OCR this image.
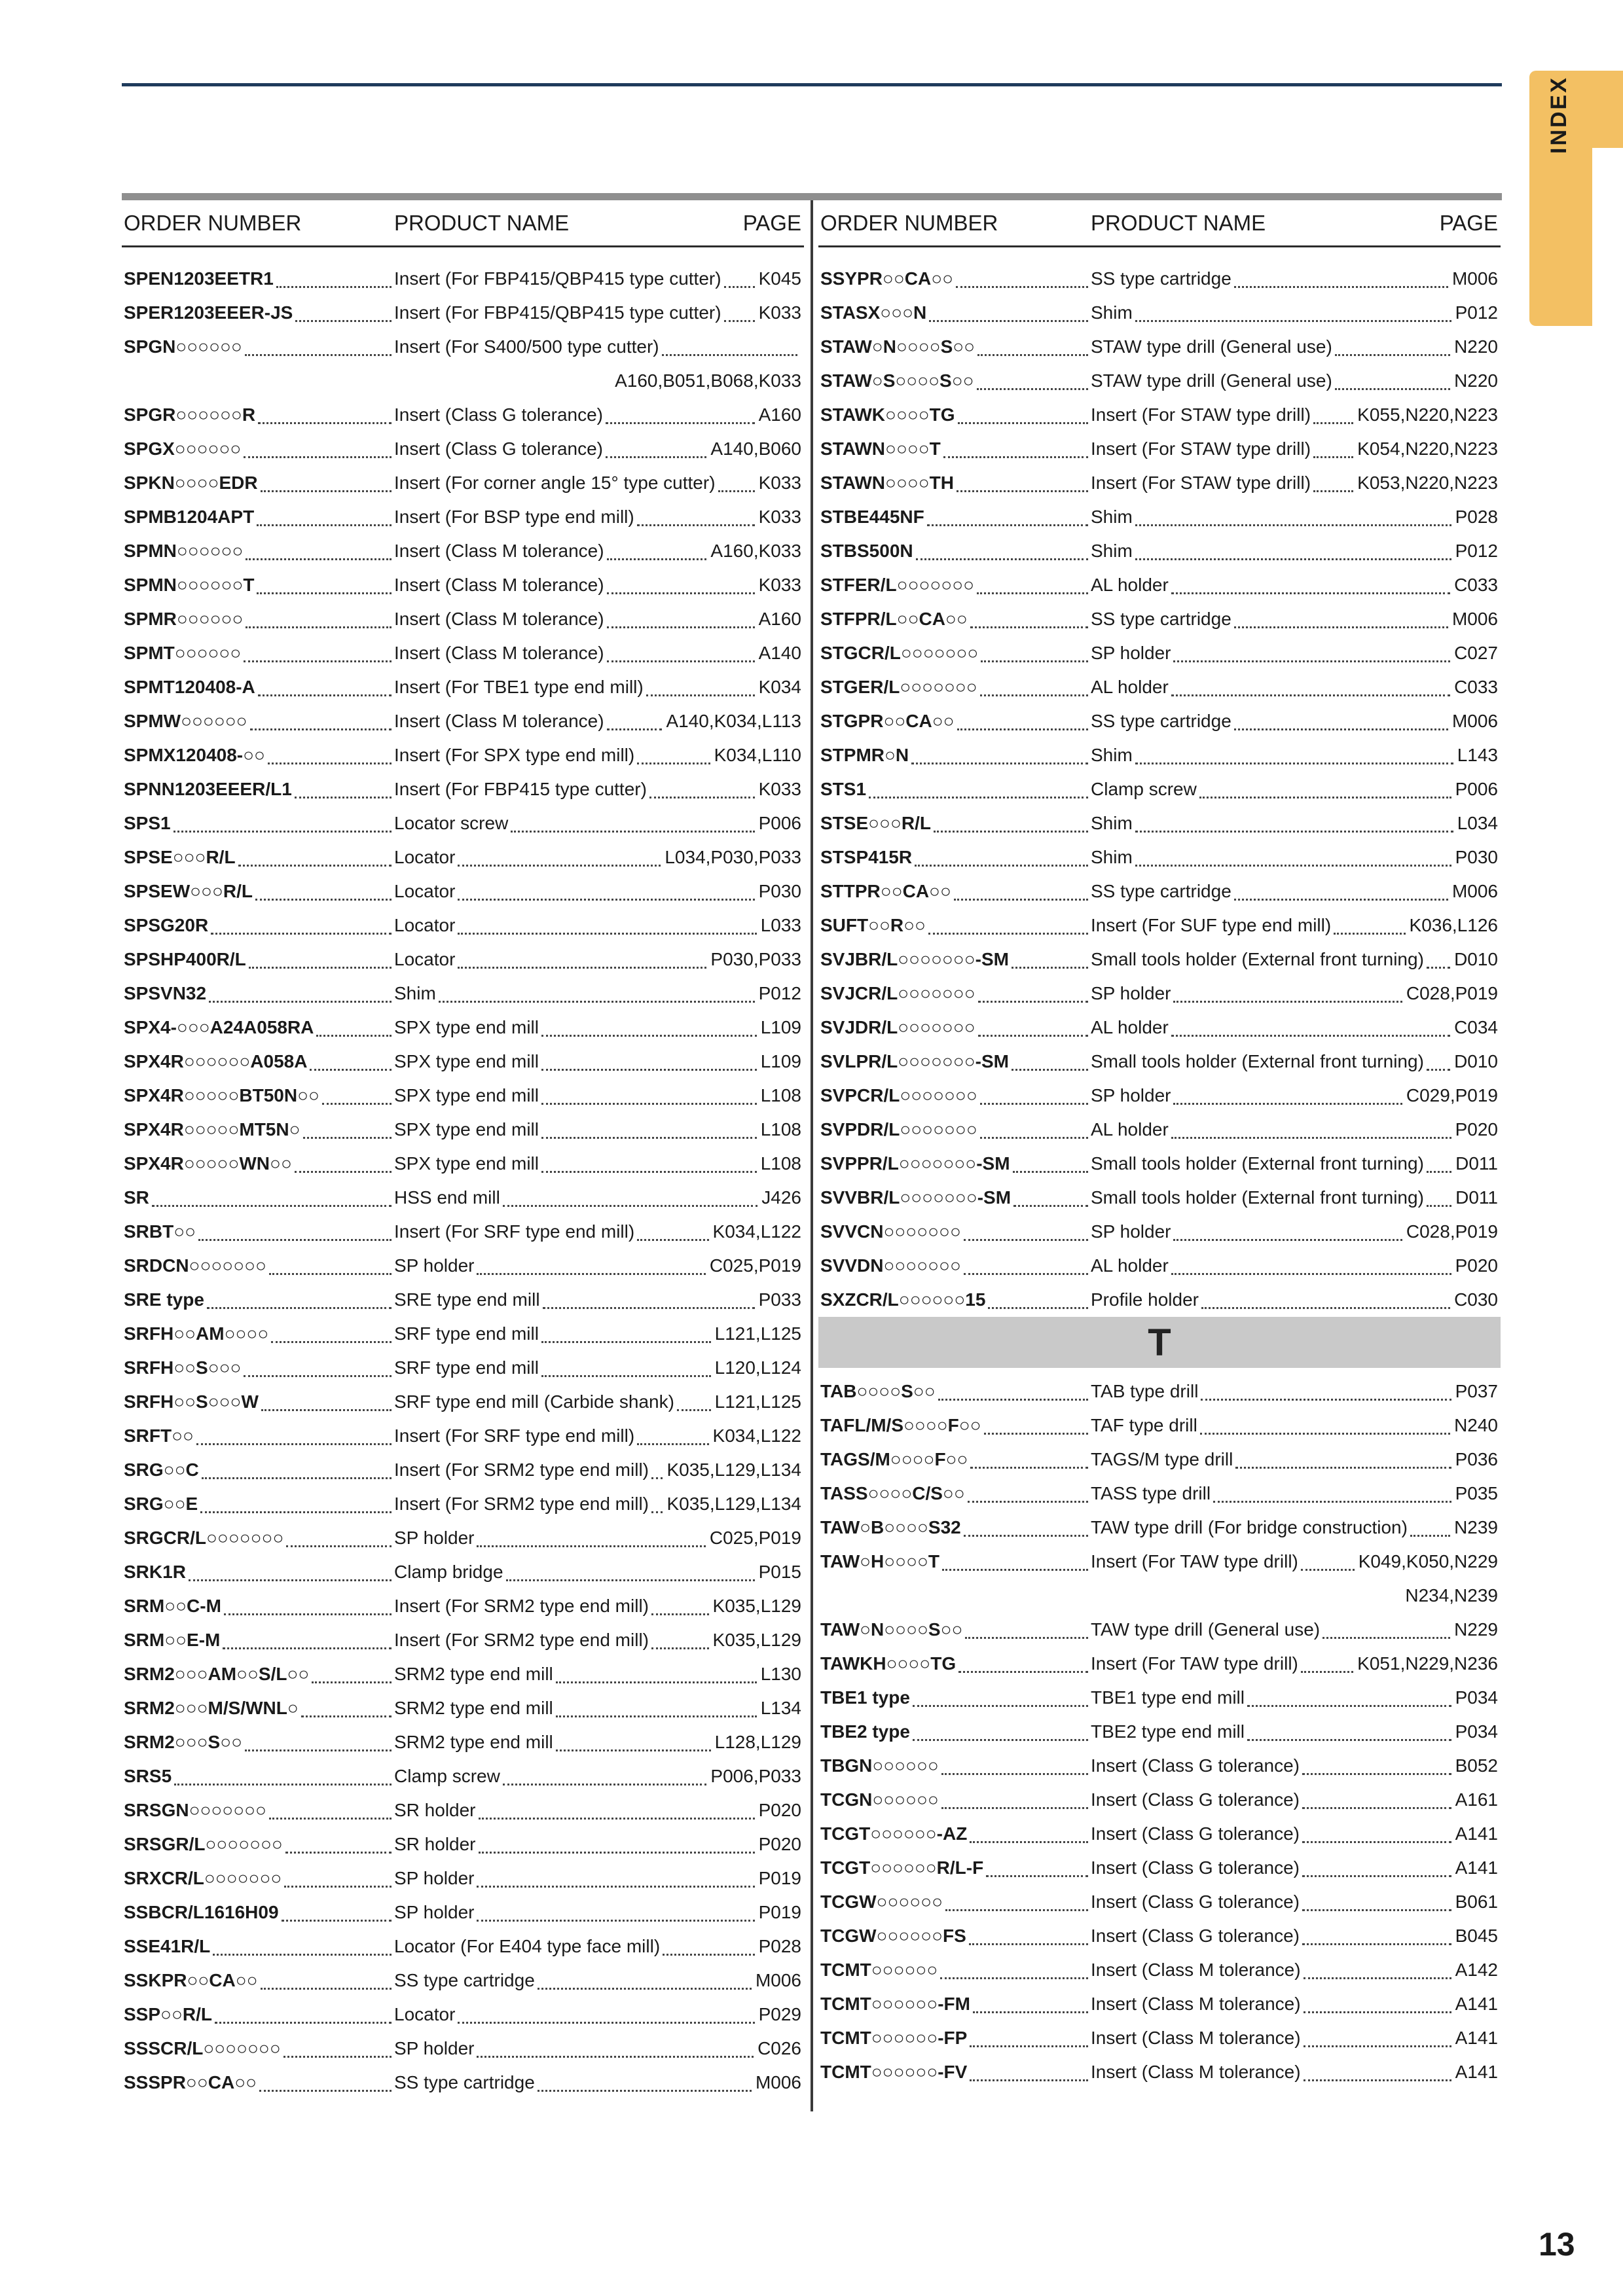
INDEX
ORDER NUMBER	PRODUCT NAME	PAGE
SPEN1203EETR1	Insert (For FBP415/QBP415 type cutter) K045
SPER1203EEER-JS	Insert (For FBP415/QBP415 type cutter) K033
SPGN○○○○○○	Insert (For S400/500 type cutter)
A160,B051,B068,K033
SPGR○○○○○○R	Insert (Class G tolerance)	A160
SPGX○○○○○○	Insert (Class G tolerance)	A140,B060
SPKN○○○○EDR	Insert (For corner angle 15° type cutter) K033
SPMB1204APT	Insert (For BSP type end mill)	K033
SPMN○○○○○○	Insert (Class M tolerance)	A160,K033
SPMN○○○○○○T	Insert (Class M tolerance)	K033
SPMR○○○○○○	Insert (Class M tolerance)	A160
SPMT○○○○○○	Insert (Class M tolerance)	A140
SPMT120408-A	Insert (For TBE1 type end mill)	K034
SPMW○○○○○○	Insert (Class M tolerance)	A140,K034,L113
SPMX120408-○○	Insert (For SPX type end mill)	K034,L110
SPNN1203EEER/L1	Insert (For FBP415 type cutter)	K033
SPS1	Locator screw	P006
SPSE○○○R/L	Locator	L034,P030,P033
SPSEW○○○R/L	Locator	P030
SPSG20R	Locator	L033
SPSHP400R/L	Locator	P030,P033
SPSVN32	Shim	P012
SPX4-○○○A24A058RA	SPX type end mill	L109
SPX4R○○○○○○A058A	SPX type end mill	L109
SPX4R○○○○○BT50N○○	SPX type end mill	L108
SPX4R○○○○○MT5N○	SPX type end mill	L108
SPX4R○○○○○WN○○	SPX type end mill	L108
SR	HSS end mill	J426
SRBT○○	Insert (For SRF type end mill)	K034,L122
SRDCN○○○○○○○	SP holder	C025,P019
SRE type	SRE type end mill	P033
SRFH○○AM○○○○	SRF type end mill	L121,L125
SRFH○○S○○○	SRF type end mill	L120,L124
SRFH○○S○○○W	SRF type end mill (Carbide shank) L121,L125
SRFT○○	Insert (For SRF type end mill)	K034,L122
SRG○○C	Insert (For SRM2 type end mill) K035,L129,L134
SRG○○E	Insert (For SRM2 type end mill) K035,L129,L134
SRGCR/L○○○○○○○	SP holder	C025,P019
SRK1R	Clamp bridge	P015
SRM○○C-M	Insert (For SRM2 type end mill)	K035,L129
SRM○○E-M	Insert (For SRM2 type end mill)	K035,L129
SRM2○○○AM○○S/L○○	SRM2 type end mill	L130
SRM2○○○M/S/WNL○	SRM2 type end mill	L134
SRM2○○○S○○	SRM2 type end mill	L128,L129
SRS5	Clamp screw	P006,P033
SRSGN○○○○○○○	SR holder	P020
SRSGR/L○○○○○○○	SR holder	P020
SRXCR/L○○○○○○○	SP holder	P019
SSBCR/L1616H09	SP holder	P019
SSE41R/L	Locator (For E404 type face mill)	P028
SSKPR○○CA○○	SS type cartridge	M006
SSP○○R/L	Locator	P029
SSSCR/L○○○○○○○	SP holder	C026
SSSPR○○CA○○	SS type cartridge	M006
ORDER NUMBER	PRODUCT NAME	PAGE
SSYPR○○CA○○	SS type cartridge	M006
STASX○○○N	Shim	P012
STAW○N○○○○S○○	STAW type drill (General use)	N220
STAW○S○○○○S○○	STAW type drill (General use)	N220
STAWK○○○○TG	Insert (For STAW type drill)	K055,N220,N223
STAWN○○○○T	Insert (For STAW type drill)	K054,N220,N223
STAWN○○○○TH	Insert (For STAW type drill)	K053,N220,N223
STBE445NF	Shim	P028
STBS500N	Shim	P012
STFER/L○○○○○○○	AL holder	C033
STFPR/L○○CA○○	SS type cartridge	M006
STGCR/L○○○○○○○	SP holder	C027
STGER/L○○○○○○○	AL holder	C033
STGPR○○CA○○	SS type cartridge	M006
STPMR○N	Shim	L143
STS1	Clamp screw	P006
STSE○○○R/L	Shim	L034
STSP415R	Shim	P030
STTPR○○CA○○	SS type cartridge	M006
SUFT○○R○○	Insert (For SUF type end mill)	K036,L126
SVJBR/L○○○○○○○-SM	Small tools holder (External front turning) D010
SVJCR/L○○○○○○○	SP holder	C028,P019
SVJDR/L○○○○○○○	AL holder	C034
SVLPR/L○○○○○○○-SM	Small tools holder (External front turning) D010
SVPCR/L○○○○○○○	SP holder	C029,P019
SVPDR/L○○○○○○○	AL holder	P020
SVPPR/L○○○○○○○-SM	Small tools holder (External front turning) D011
SVVBR/L○○○○○○○-SM	Small tools holder (External front turning) D011
SVVCN○○○○○○○	SP holder	C028,P019
SVVDN○○○○○○○	AL holder	P020
SXZCR/L○○○○○○15	Profile holder	C030
T
TAB○○○○S○○	TAB type drill	P037
TAFL/M/S○○○○F○○	TAF type drill	N240
TAGS/M○○○○F○○	TAGS/M type drill	P036
TASS○○○○C/S○○	TASS type drill	P035
TAW○B○○○○S32	TAW type drill (For bridge construction)	N239
TAW○H○○○○T	Insert (For TAW type drill)	K049,K050,N229
N234,N239
TAW○N○○○○S○○	TAW type drill (General use)	N229
TAWKH○○○○TG	Insert (For TAW type drill)	K051,N229,N236
TBE1 type	TBE1 type end mill	P034
TBE2 type	TBE2 type end mill	P034
TBGN○○○○○○	Insert (Class G tolerance)	B052
TCGN○○○○○○	Insert (Class G tolerance)	A161
TCGT○○○○○○-AZ	Insert (Class G tolerance)	A141
TCGT○○○○○○R/L-F	Insert (Class G tolerance)	A141
TCGW○○○○○○	Insert (Class G tolerance)	B061
TCGW○○○○○○FS	Insert (Class G tolerance)	B045
TCMT○○○○○○	Insert (Class M tolerance)	A142
TCMT○○○○○○-FM	Insert (Class M tolerance)	A141
TCMT○○○○○○-FP	Insert (Class M tolerance)	A141
TCMT○○○○○○-FV	Insert (Class M tolerance)	A141
13
